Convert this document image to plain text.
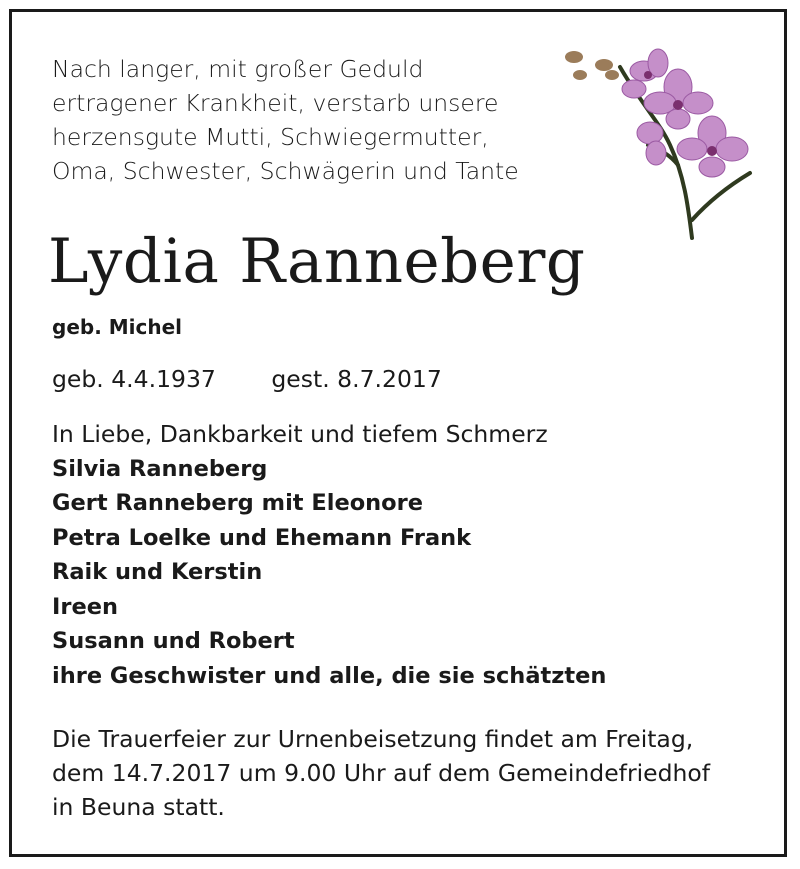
Nach langer, mit großer Geduld
ertragener Krankheit, verstarb unsere
herzensgute Mutti, Schwiegermutter,
Oma, Schwester, Schwägerin und Tante
Lydia Ranneberg
geb. Michel
geb. 4.4.1937 gest. 8.7.2017
In Liebe, Dankbarkeit und tiefem Schmerz
Silvia Ranneberg
Gert Ranneberg mit Eleonore
Petra Loelke und Ehemann Frank
Raik und Kerstin
Ireen
Susann und Robert
ihre Geschwister und alle, die sie schätzten
Die Trauerfeier zur Urnenbeisetzung findet am Freitag,
dem 14.7.2017 um 9.00 Uhr auf dem Gemeindefriedhof
in Beuna statt.
